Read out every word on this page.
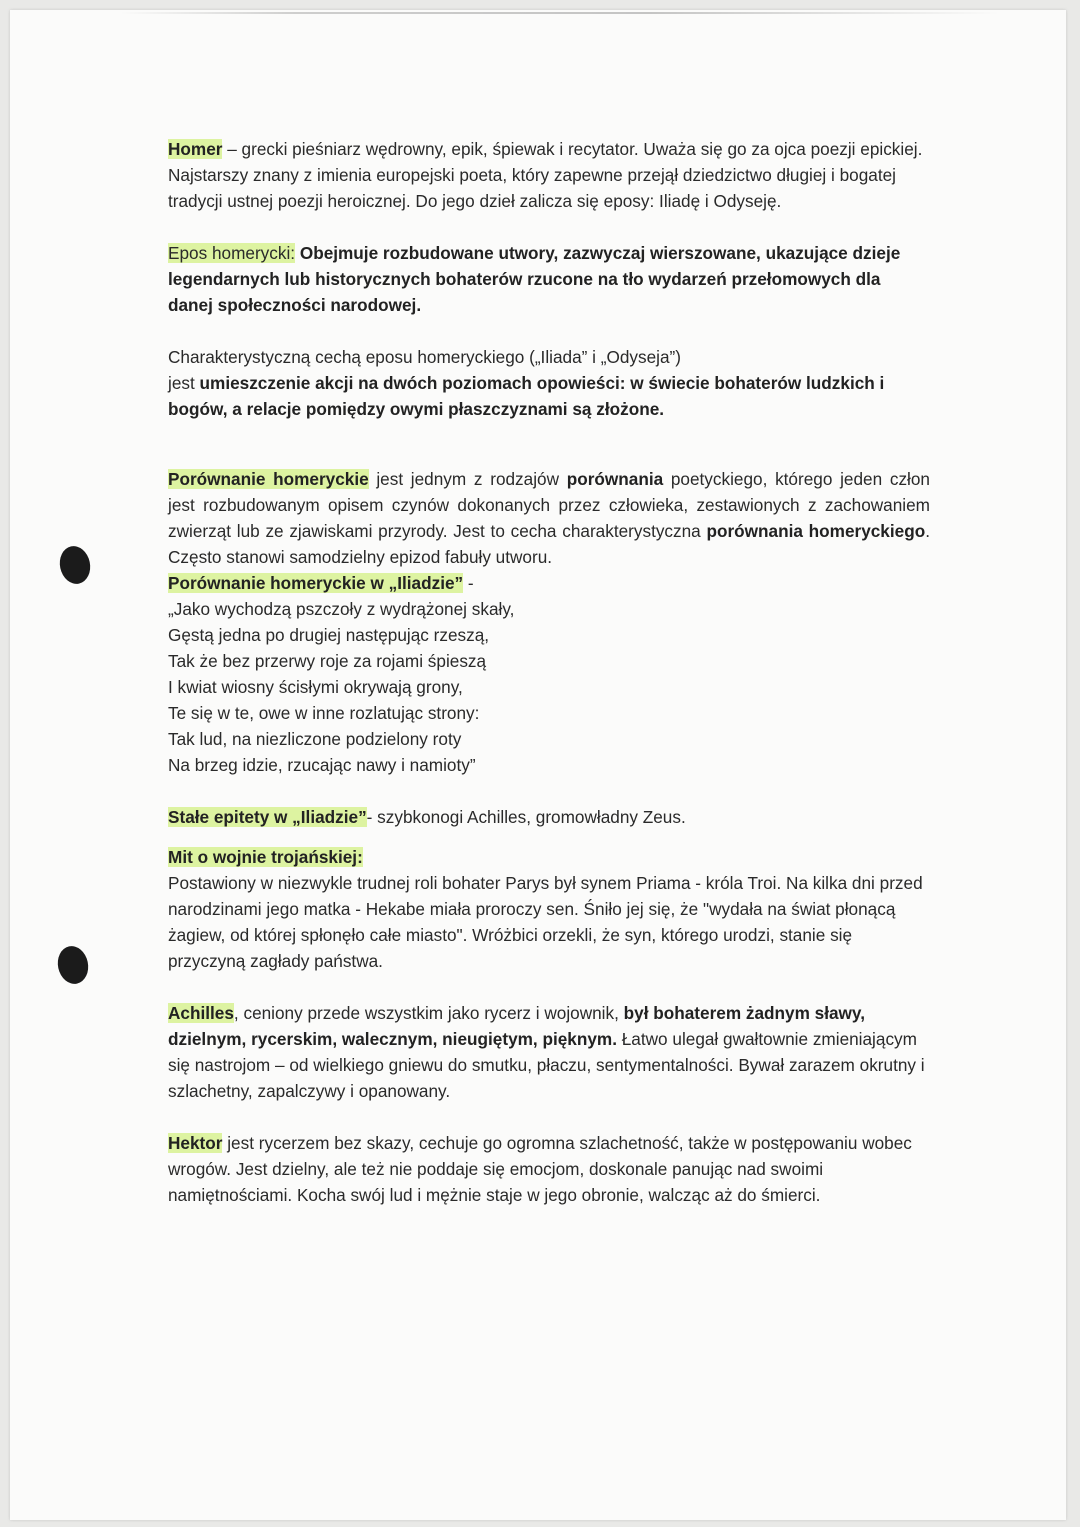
Homer – grecki pieśniarz wędrowny, epik, śpiewak i recytator. Uważa się go za ojca poezji epickiej. Najstarszy znany z imienia europejski poeta, który zapewne przejął dziedzictwo długiej i bogatej tradycji ustnej poezji heroicznej. Do jego dzieł zalicza się eposy: Iliadę i Odyseję.

Epos homerycki: Obejmuje rozbudowane utwory, zazwyczaj wierszowane, ukazujące dzieje legendarnych lub historycznych bohaterów rzucone na tło wydarzeń przełomowych dla danej społeczności narodowej.

Charakterystyczną cechą eposu homeryckiego („Iliada” i „Odyseja”)
jest umieszczenie akcji na dwóch poziomach opowieści: w świecie bohaterów ludzkich i bogów, a relacje pomiędzy owymi płaszczyznami są złożone.

Porównanie homeryckie jest jednym z rodzajów porównania poetyckiego, którego jeden człon jest rozbudowanym opisem czynów dokonanych przez człowieka, zestawionych z zachowaniem zwierząt lub ze zjawiskami przyrody. Jest to cecha charakterystyczna porównania homeryckiego. Często stanowi samodzielny epizod fabuły utworu.

Porównanie homeryckie w „Iliadzie” -

„Jako wychodzą pszczoły z wydrążonej skały,
Gęstą jedna po drugiej następując rzeszą,
Tak że bez przerwy roje za rojami śpieszą
I kwiat wiosny ścisłymi okrywają grony,
Te się w te, owe w inne rozlatując strony:
Tak lud, na niezliczone podzielony roty
Na brzeg idzie, rzucając nawy i namioty”

Stałe epitety w „Iliadzie”- szybkonogi Achilles, gromowładny Zeus.

Mit o wojnie trojańskiej:
Postawiony w niezwykle trudnej roli bohater Parys był synem Priama - króla Troi. Na kilka dni przed narodzinami jego matka - Hekabe miała proroczy sen. Śniło jej się, że "wydała na świat płonącą żagiew, od której spłonęło całe miasto". Wróżbici orzekli, że syn, którego urodzi, stanie się przyczyną zagłady państwa.

Achilles, ceniony przede wszystkim jako rycerz i wojownik, był bohaterem żadnym sławy, dzielnym, rycerskim, walecznym, nieugiętym, pięknym. Łatwo ulegał gwałtownie zmieniającym się nastrojom – od wielkiego gniewu do smutku, płaczu, sentymentalności. Bywał zarazem okrutny i szlachetny, zapalczywy i opanowany.

Hektor jest rycerzem bez skazy, cechuje go ogromna szlachetność, także w postępowaniu wobec wrogów. Jest dzielny, ale też nie poddaje się emocjom, doskonale panując nad swoimi namiętnościami. Kocha swój lud i mężnie staje w jego obronie, walcząc aż do śmierci.
